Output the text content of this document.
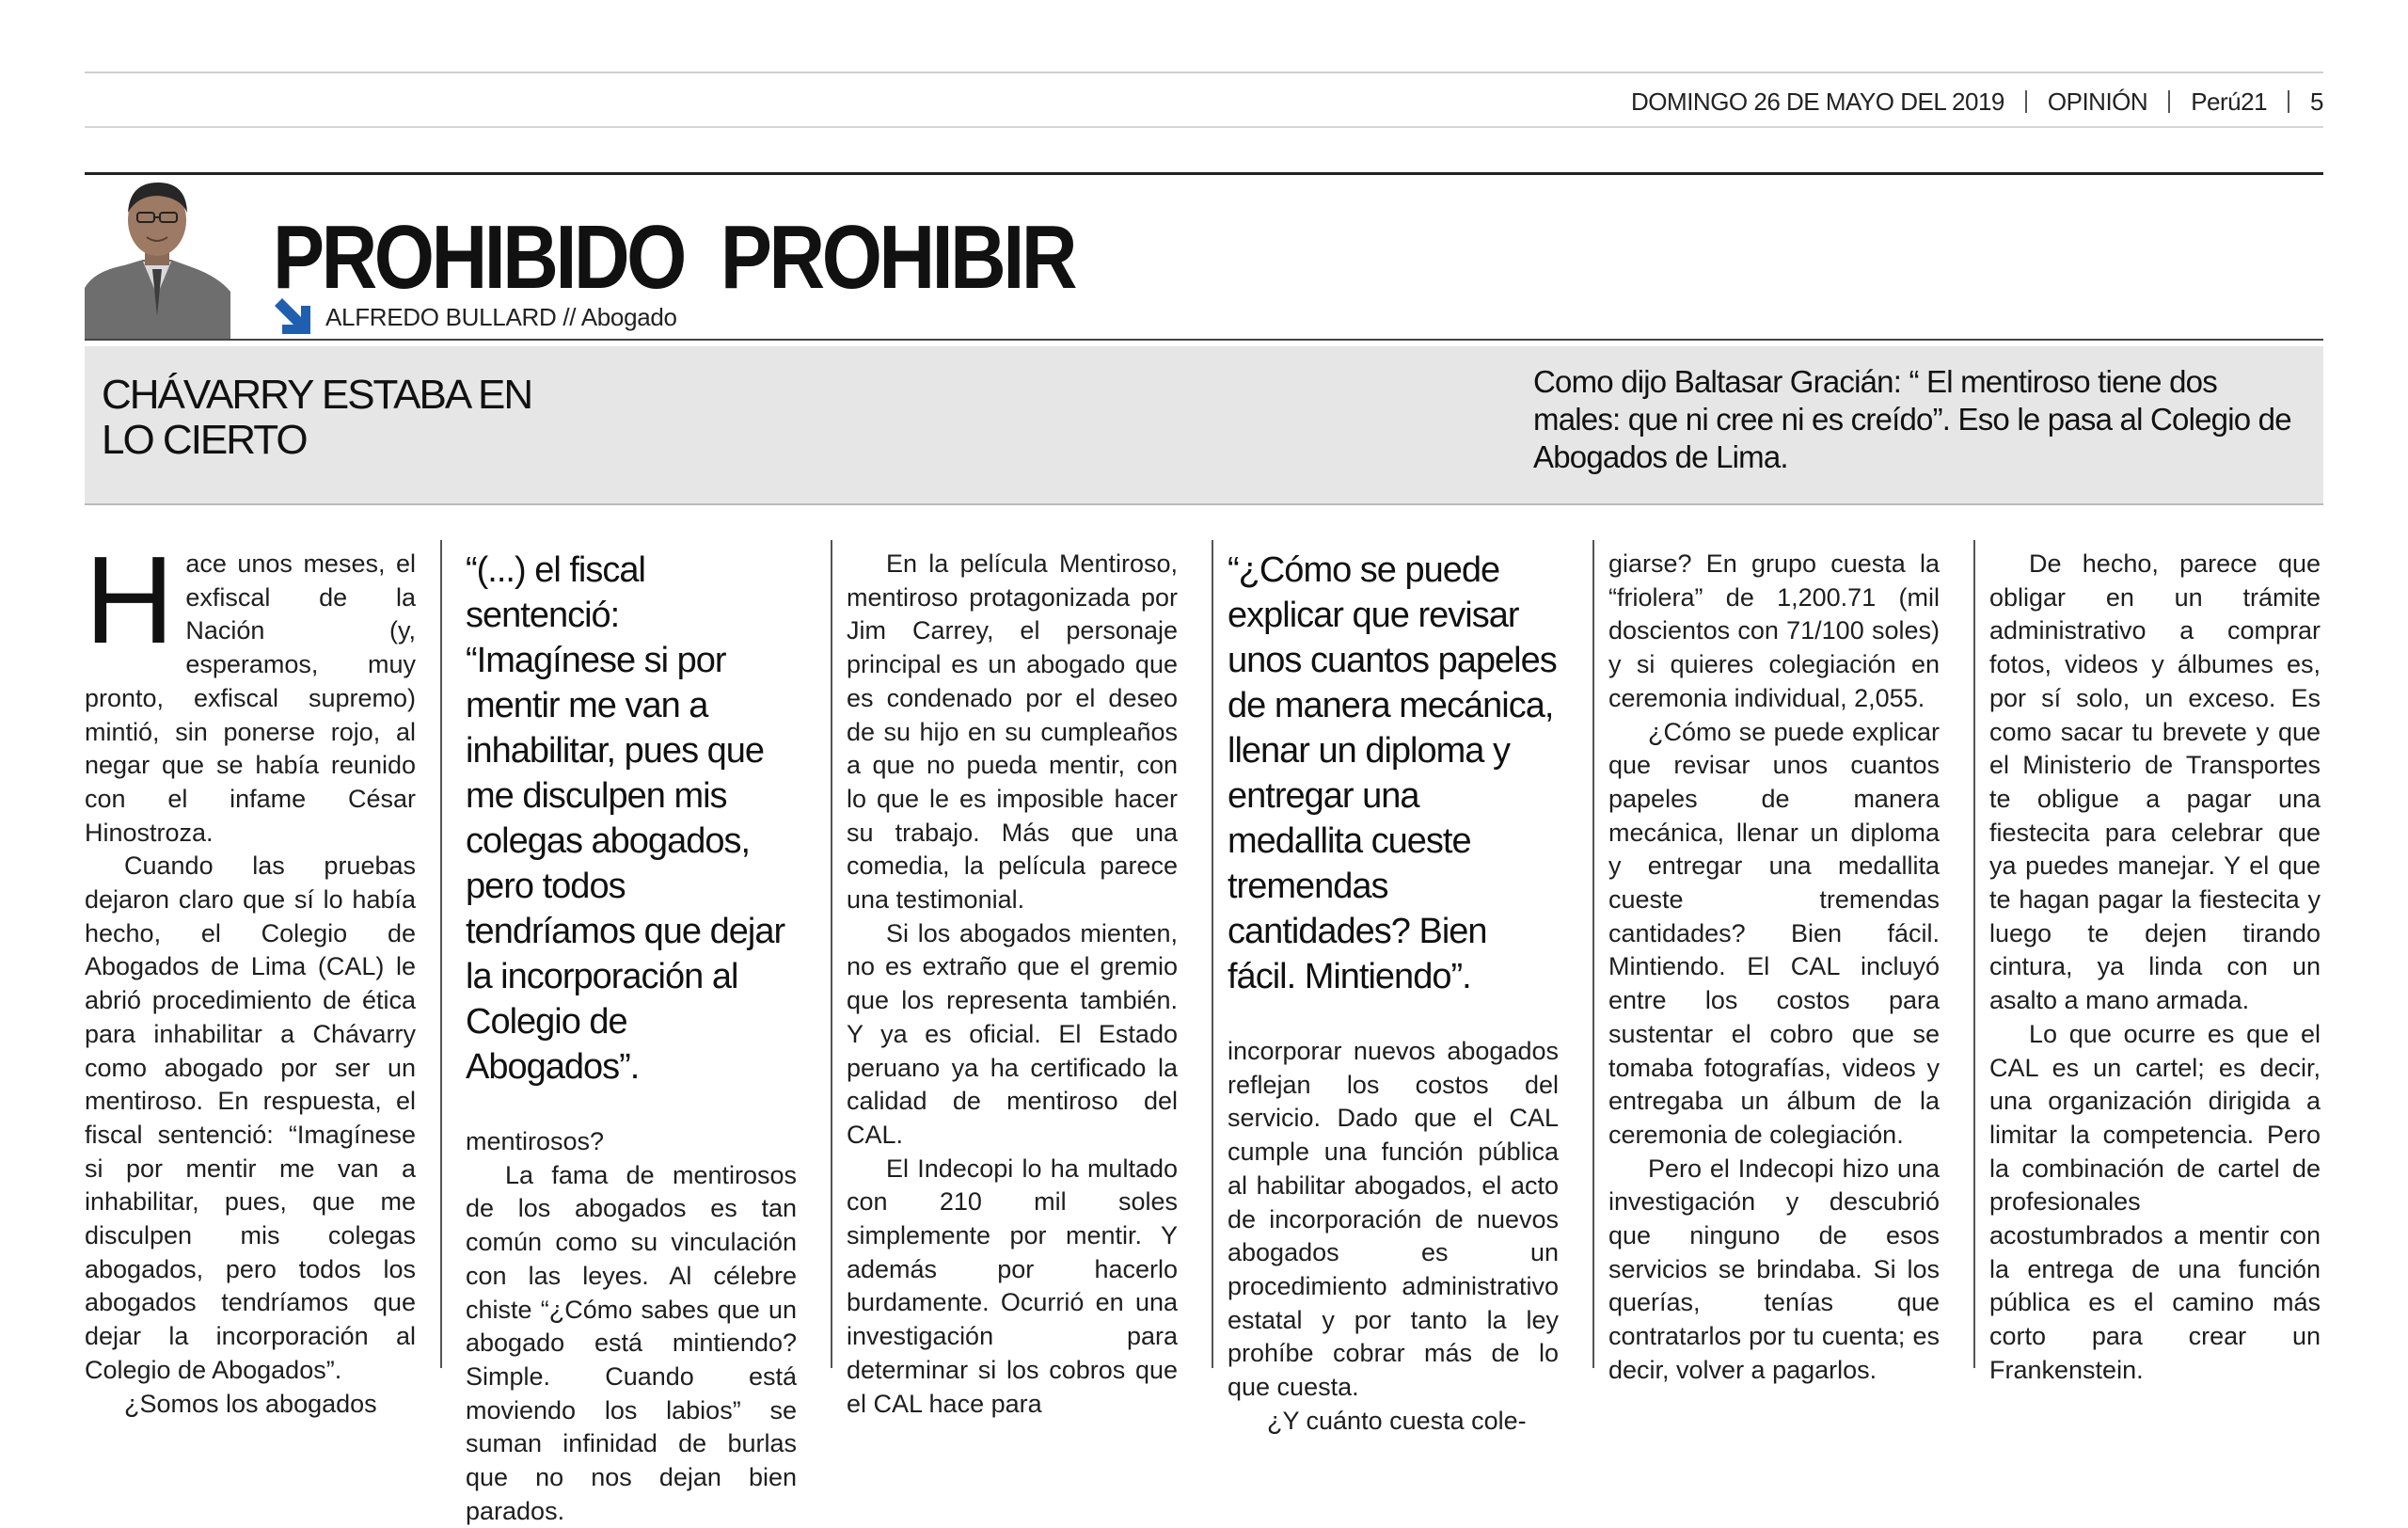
DOMINGO 26 DE MAYO DEL 2019 OPINIÓN Perú21 5
PROHIBIDO  PROHIBIR
ALFREDO BULLARD // Abogado
CHÁVARRY ESTABA EN LO CIERTO
Como dijo Baltasar Gracián: “ El mentiroso tiene dos males: que ni cree ni es creído”. Eso le pasa al Colegio de Abogados de Lima.

Hace unos meses, el exfiscal de la Nación (y, esperamos, muy pronto, exfiscal supremo) mintió, sin ponerse rojo, al negar que se había reunido con el infame César Hinostroza.

Cuando las pruebas dejaron claro que sí lo había hecho, el Colegio de Abogados de Lima (CAL) le abrió procedimiento de ética para inhabilitar a Chávarry como abogado por ser un mentiroso. En respuesta, el fiscal sentenció: “Imagínese si por mentir me van a inhabilitar, pues, que me disculpen mis colegas abogados, pero todos los abogados tendríamos que dejar la incorporación al Colegio de Abogados”.

¿Somos los abogados

“(...) el fiscal sentenció: “Imagínese si por mentir me van a inhabilitar, pues que me disculpen mis colegas abogados, pero todos tendríamos que dejar la incorporación al Colegio de Abogados”.

mentirosos?

La fama de mentirosos de los abogados es tan común como su vinculación con las leyes. Al célebre chiste “¿Cómo sabes que un abogado está mintiendo? Simple. Cuando está moviendo los labios” se suman infinidad de burlas que no nos dejan bien parados.

En la película Mentiroso, mentiroso protagonizada por Jim Carrey, el personaje principal es un abogado que es condenado por el deseo de su hijo en su cumpleaños a que no pueda mentir, con lo que le es imposible hacer su trabajo. Más que una comedia, la película parece una testimonial.

Si los abogados mienten, no es extraño que el gremio que los representa también. Y ya es oficial. El Estado peruano ya ha certificado la calidad de mentiroso del CAL.

El Indecopi lo ha multado con 210 mil soles simplemente por mentir. Y además por hacerlo burdamente. Ocurrió en una investigación para determinar si los cobros que el CAL hace para

“¿Cómo se puede explicar que revisar unos cuantos papeles de manera mecánica, llenar un diploma y entregar una medallita cueste tremendas cantidades? Bien fácil. Mintiendo”.

incorporar nuevos abogados reflejan los costos del servicio. Dado que el CAL cumple una función pública al habilitar abogados, el acto de incorporación de nuevos abogados es un procedimiento administrativo estatal y por tanto la ley prohíbe cobrar más de lo que cuesta.

¿Y cuánto cuesta cole-

giarse? En grupo cuesta la “friolera” de 1,200.71 (mil doscientos con 71/100 soles) y si quieres colegiación en ceremonia individual, 2,055.

¿Cómo se puede explicar que revisar unos cuantos papeles de manera mecánica, llenar un diploma y entregar una medallita cueste tremendas cantidades? Bien fácil. Mintiendo. El CAL incluyó entre los costos para sustentar el cobro que se tomaba fotografías, videos y entregaba un álbum de la ceremonia de colegiación.

Pero el Indecopi hizo una investigación y descubrió que ninguno de esos servicios se brindaba. Si los querías, tenías que contratarlos por tu cuenta; es decir, volver a pagarlos.

De hecho, parece que obligar en un trámite administrativo a comprar fotos, videos y álbumes es, por sí solo, un exceso. Es como sacar tu brevete y que el Ministerio de Transportes te obligue a pagar una fiestecita para celebrar que ya puedes manejar. Y el que te hagan pagar la fiestecita y luego te dejen tirando cintura, ya linda con un asalto a mano armada.

Lo que ocurre es que el CAL es un cartel; es decir, una organización dirigida a limitar la competencia. Pero la combinación de cartel de profesionales acostumbrados a mentir con la entrega de una función pública es el camino más corto para crear un Frankenstein.
